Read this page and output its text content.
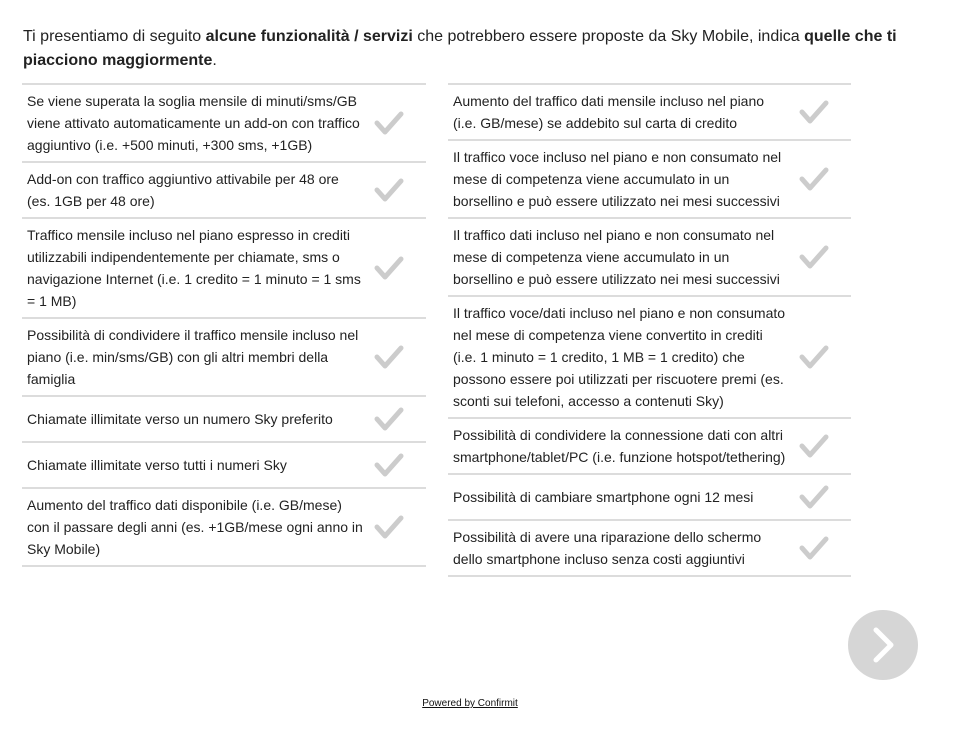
Ti presentiamo di seguito alcune funzionalità / servizi che potrebbero essere proposte da Sky Mobile, indica quelle che ti piacciono maggiormente.
Se viene superata la soglia mensile di minuti/sms/GB viene attivato automaticamente un add-on con traffico aggiuntivo (i.e. +500 minuti, +300 sms, +1GB)
Add-on con traffico aggiuntivo attivabile per 48 ore (es. 1GB per 48 ore)
Traffico mensile incluso nel piano espresso in crediti utilizzabili indipendentemente per chiamate, sms o navigazione Internet (i.e. 1 credito = 1 minuto = 1 sms = 1 MB)
Possibilità di condividere il traffico mensile incluso nel piano (i.e. min/sms/GB) con gli altri membri della famiglia
Chiamate illimitate verso un numero Sky preferito
Chiamate illimitate verso tutti i numeri Sky
Aumento del traffico dati disponibile (i.e. GB/mese) con il passare degli anni (es. +1GB/mese ogni anno in Sky Mobile)
Aumento del traffico dati mensile incluso nel piano (i.e. GB/mese) se addebito sul carta di credito
Il traffico voce incluso nel piano e non consumato nel mese di competenza viene accumulato in un borsellino e può essere utilizzato nei mesi successivi
Il traffico dati incluso nel piano e non consumato nel mese di competenza viene accumulato in un borsellino e può essere utilizzato nei mesi successivi
Il traffico voce/dati incluso nel piano e non consumato nel mese di competenza viene convertito in crediti (i.e. 1 minuto = 1 credito, 1 MB = 1 credito) che possono essere poi utilizzati per riscuotere premi (es. sconti sui telefoni, accesso a contenuti Sky)
Possibilità di condividere la connessione dati con altri smartphone/tablet/PC (i.e. funzione hotspot/tethering)
Possibilità di cambiare smartphone ogni 12 mesi
Possibilità di avere una riparazione dello schermo dello smartphone incluso senza costi aggiuntivi
Powered by Confirmit
